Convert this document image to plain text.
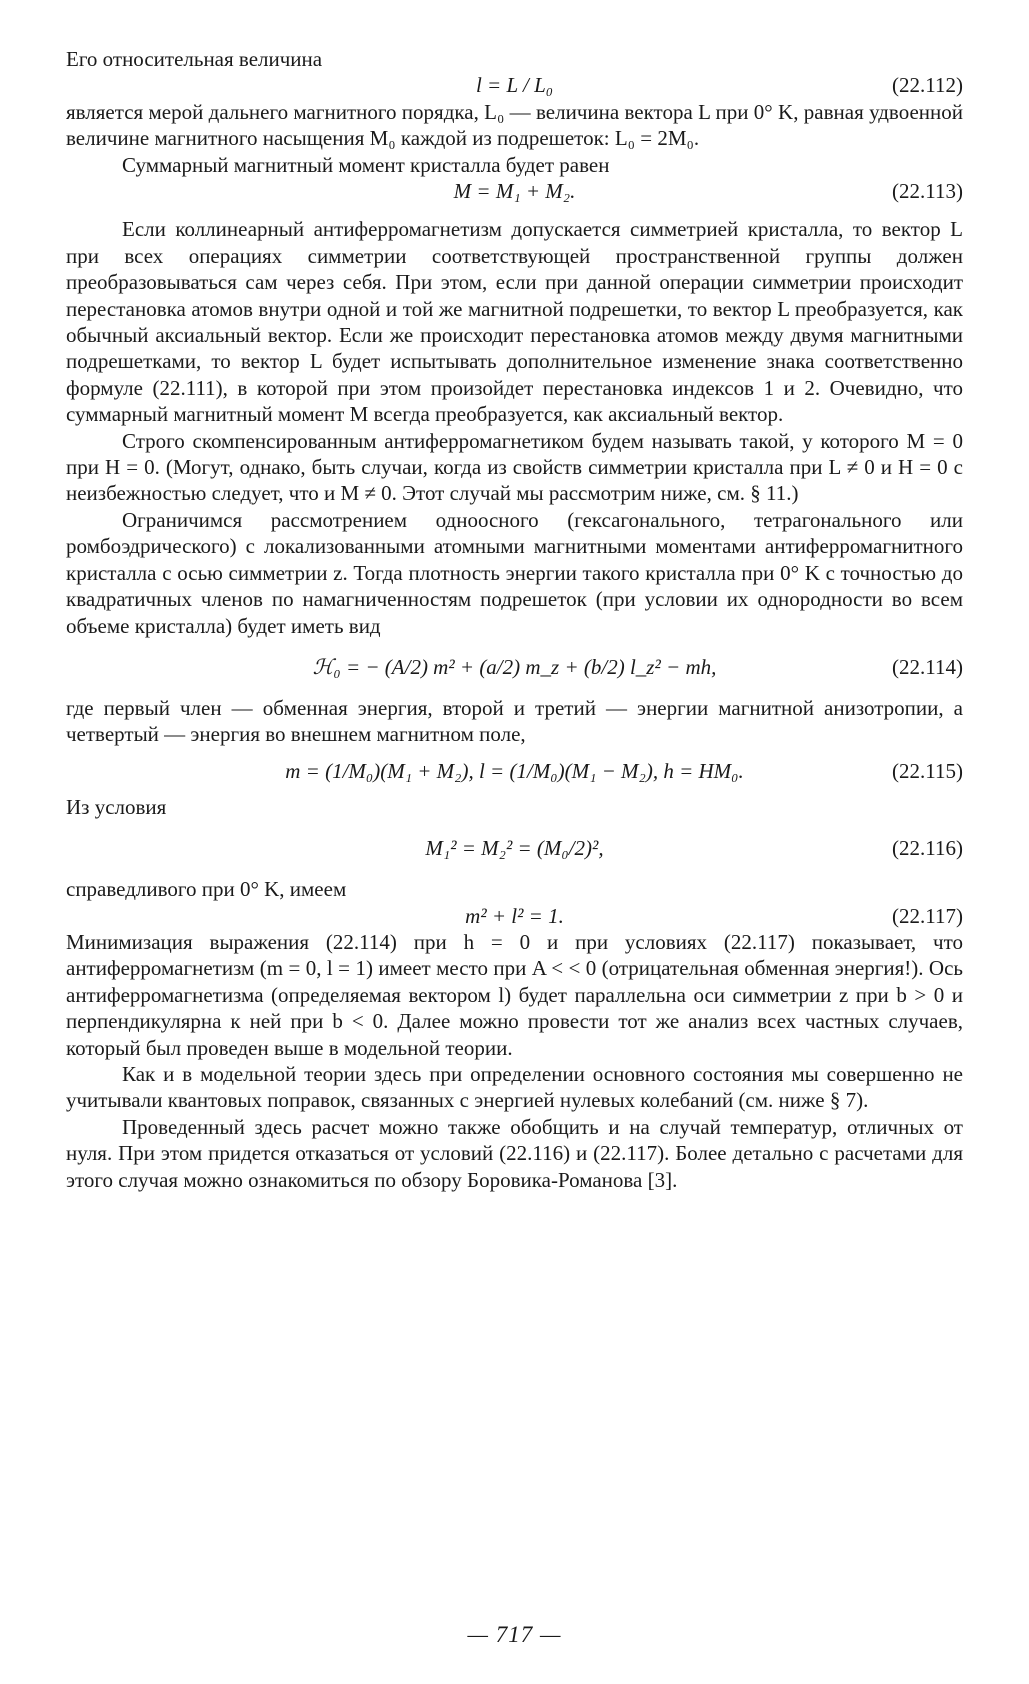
Его относительная величина

l = L / L₀	(22.112)

является мерой дальнего магнитного порядка, L₀ — величина вектора L при 0° K, равная удвоенной величине магнитного насыщения M₀ каждой из подрешеток: L₀ = 2M₀.

Суммарный магнитный момент кристалла будет равен

M = M₁ + M₂.	(22.113)

Если коллинеарный антиферромагнетизм допускается симметрией кристалла, то вектор L при всех операциях симметрии соответствующей пространственной группы должен преобразовываться сам через себя. При этом, если при данной операции симметрии происходит перестановка атомов внутри одной и той же магнитной подрешетки, то вектор L преобразуется, как обычный аксиальный вектор. Если же происходит перестановка атомов между двумя магнитными подрешетками, то вектор L будет испытывать дополнительное изменение знака соответственно формуле (22.111), в которой при этом произойдет перестановка индексов 1 и 2. Очевидно, что суммарный магнитный момент M всегда преобразуется, как аксиальный вектор.

Строго скомпенсированным антиферромагнетиком будем называть такой, у которого M = 0 при H = 0. (Могут, однако, быть случаи, когда из свойств симметрии кристалла при L ≠ 0 и H = 0 с неизбежностью следует, что и M ≠ 0. Этот случай мы рассмотрим ниже, см. § 11.)

Ограничимся рассмотрением одноосного (гексагонального, тетрагонального или ромбоэдрического) с локализованными атомными магнитными моментами антиферромагнитного кристалла с осью симметрии z. Тогда плотность энергии такого кристалла при 0° K с точностью до квадратичных членов по намагниченностям подрешеток (при условии их однородности во всем объеме кристалла) будет иметь вид

ℋ₀ = − (A/2) m² + (a/2) m_z + (b/2) l_z² − mh,	(22.114)

где первый член — обменная энергия, второй и третий — энергии магнитной анизотропии, а четвертый — энергия во внешнем магнитном поле,

m = (1/M₀)(M₁ + M₂), l = (1/M₀)(M₁ − M₂), h = HM₀.	(22.115)

Из условия

M₁² = M₂² = (M₀/2)²,	(22.116)

справедливого при 0° K, имеем

m² + l² = 1.	(22.117)

Минимизация выражения (22.114) при h = 0 и при условиях (22.117) показывает, что антиферромагнетизм (m = 0, l = 1) имеет место при A < < 0 (отрицательная обменная энергия!). Ось антиферромагнетизма (определяемая вектором l) будет параллельна оси симметрии z при b > 0 и перпендикулярна к ней при b < 0. Далее можно провести тот же анализ всех частных случаев, который был проведен выше в модельной теории.

Как и в модельной теории здесь при определении основного состояния мы совершенно не учитывали квантовых поправок, связанных с энергией нулевых колебаний (см. ниже § 7).

Проведенный здесь расчет можно также обобщить и на случай температур, отличных от нуля. При этом придется отказаться от условий (22.116) и (22.117). Более детально с расчетами для этого случая можно ознакомиться по обзору Боровика-Романова [3].

— 717 —
